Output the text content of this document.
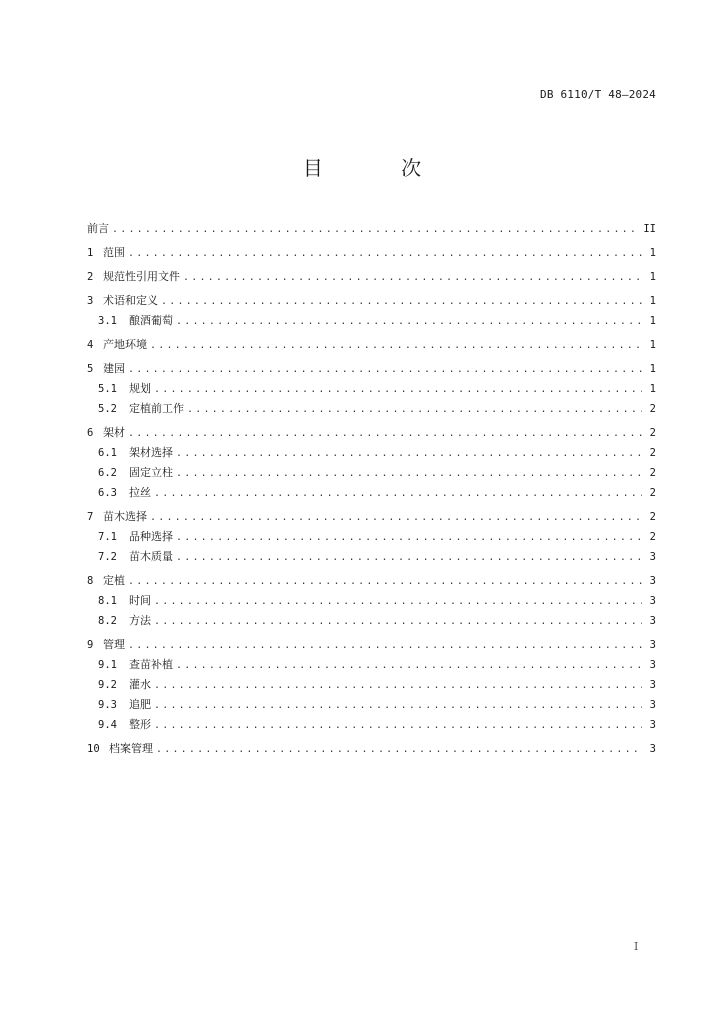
DB 6110/T 48—2024
目 次
前言 .....	II
1 范围 .....	1
2 规范性引用文件 .....	1
3 术语和定义 .....	1
3.1	酿酒葡萄 .....	1
4 产地环境 .....	1
5 建园 .....	1
5.1	规划 .....	1
5.2	定植前工作 .....	2
6 架材 .....	2
6.1	架材选择 .....	2
6.2	固定立柱 .....	2
6.3	拉丝 .....	2
7 苗木选择 .....	2
7.1	品种选择 .....	2
7.2	苗木质量 .....	3
8 定植 .....	3
8.1	时间 .....	3
8.2	方法 .....	3
9 管理 .....	3
9.1	查苗补植 .....	3
9.2	灌水 .....	3
9.3	追肥 .....	3
9.4	整形 .....	3
10 档案管理 .....	3
I
